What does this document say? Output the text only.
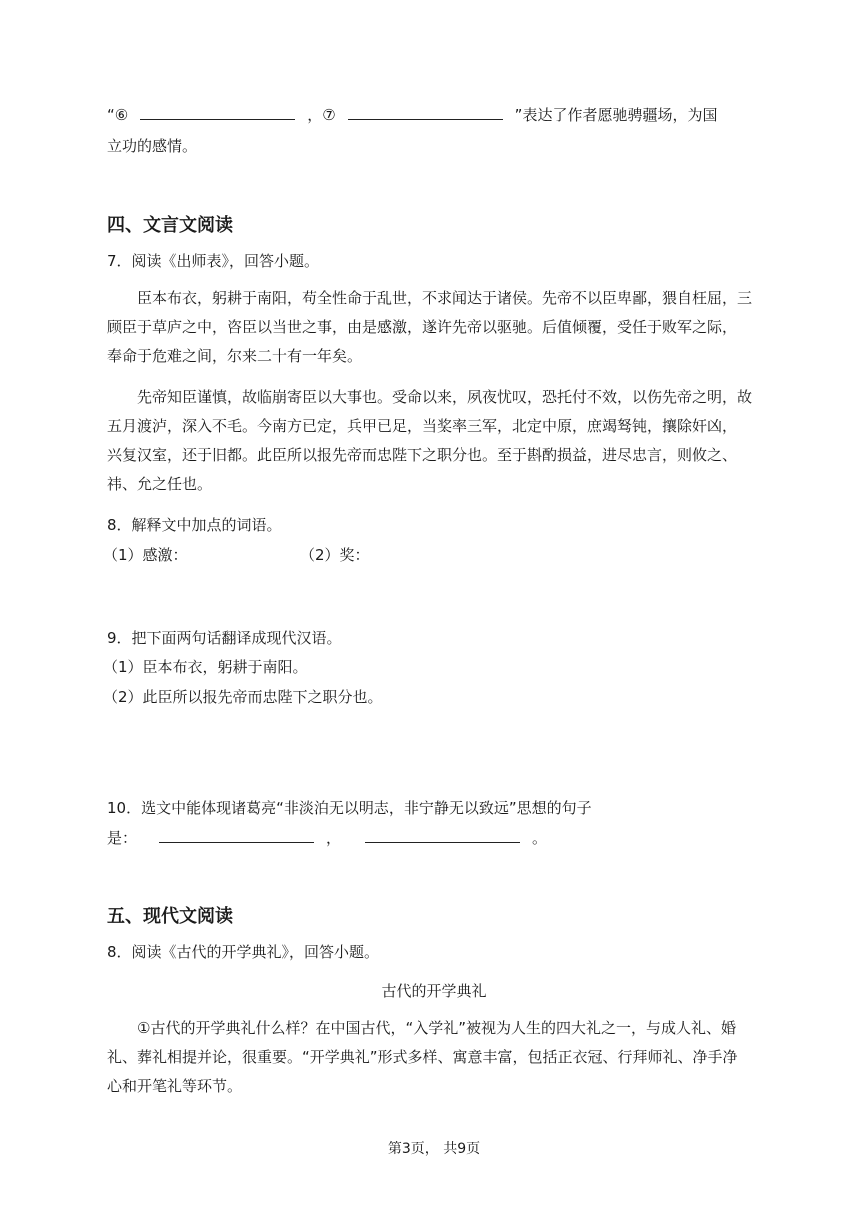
“⑥	，⑦	”表达了作者愿驰骋疆场，为国
立功的感情。
四、文言文阅读
7．阅读《出师表》，回答小题。
臣本布衣，躬耕于南阳，苟全性命于乱世，不求闻达于诸侯。先帝不以臣卑鄙，猥自枉屈，三顾臣于草庐之中，咨臣以当世之事，由是感激，遂许先帝以驱驰。后值倾覆，受任于败军之际，奉命于危难之间，尔来二十有一年矣。
先帝知臣谨慎，故临崩寄臣以大事也。受命以来，夙夜忧叹，恐托付不效，以伤先帝之明，故五月渡泸，深入不毛。今南方已定，兵甲已足，当奖率三军，北定中原，庶竭驽钝，攘除奸凶，兴复汉室，还于旧都。此臣所以报先帝而忠陛下之职分也。至于斟酌损益，进尽忠言，则攸之、祎、允之任也。
8．解释文中加点的词语。
（1）感激：	（2）奖：
9．把下面两句话翻译成现代汉语。
（1）臣本布衣，躬耕于南阳。
（2）此臣所以报先帝而忠陛下之职分也。
10．选文中能体现诸葛亮“非淡泊无以明志，非宁静无以致远”思想的句子
是：	，	。
五、现代文阅读
8．阅读《古代的开学典礼》，回答小题。
古代的开学典礼
①古代的开学典礼什么样？在中国古代，“入学礼”被视为人生的四大礼之一，与成人礼、婚礼、葬礼相提并论，很重要。“开学典礼”形式多样、寓意丰富，包括正衣冠、行拜师礼、净手净心和开笔礼等环节。
第3页， 共9页
